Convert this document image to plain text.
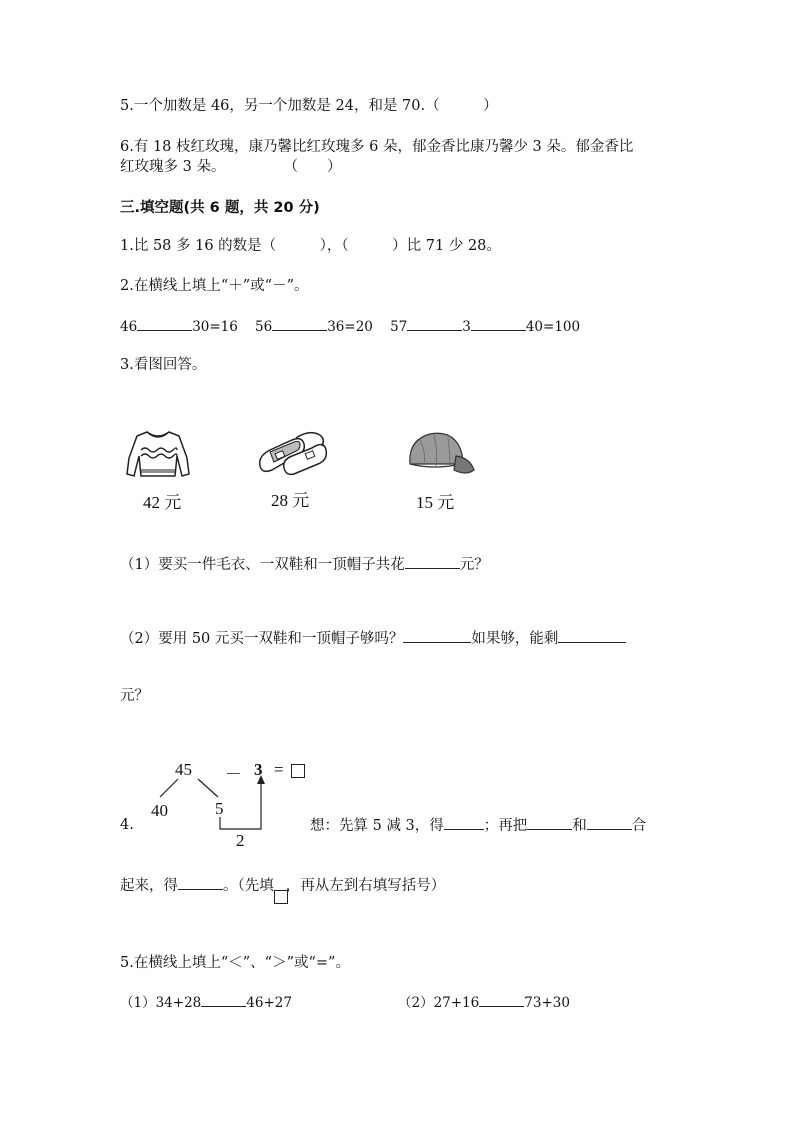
5.一个加数是 46，另一个加数是 24，和是 70.（　　　）
6.有 18 枝红玫瑰，康乃馨比红玫瑰多 6 朵，郁金香比康乃馨少 3 朵。郁金香比
红玫瑰多 3 朵。　　　　　（　　）
三.填空题(共 6 题，共 20 分)
1.比 58 多 16 的数是（　　　），（　　　）比 71 少 28。
2.在横线上填上“＋”或“－”。
46	30=16 56	36=20 57	3	40=100
3.看图回答。
42 元	28 元	15 元
（1）要买一件毛衣、一双鞋和一顶帽子共花	元？
（2）要用 50 元买一双鞋和一顶帽子够吗？	如果够，能剩
元？
4.
45 － 3 =
40	5
2
想：先算 5 减 3，得	；再把	和	合
起来，得	。（先填 ，再从左到右填写括号）
5.在横线上填上“＜”、“＞”或“=”。
（1）34+28	46+27	（2）27+16	73+30
